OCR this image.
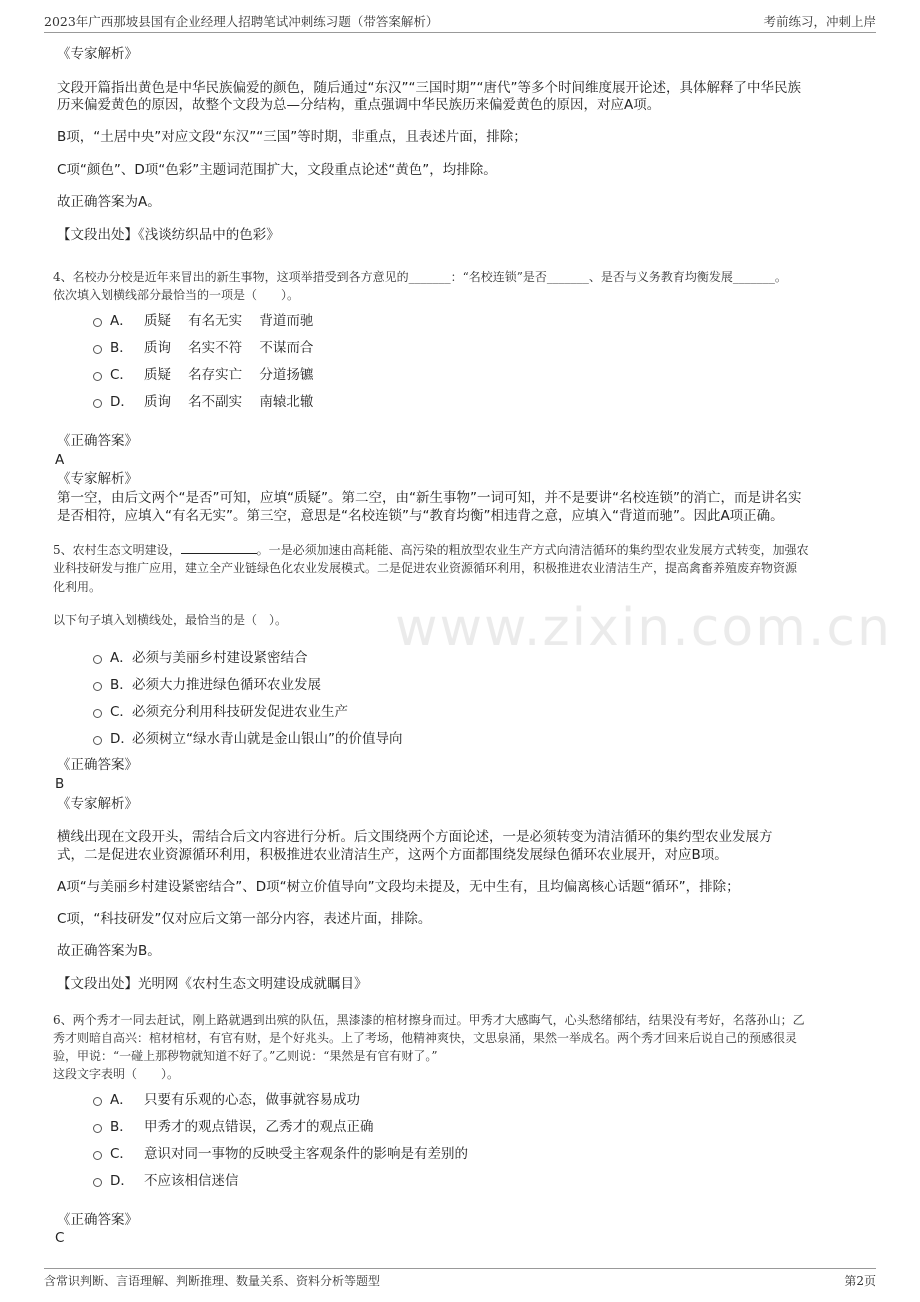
2023年广西那坡县国有企业经理人招聘笔试冲刺练习题（带答案解析）	考前练习，冲刺上岸
www.zixin.com.cn
《专家解析》
文段开篇指出黄色是中华民族偏爱的颜色，随后通过“东汉”“三国时期”“唐代”等多个时间维度展开论述，具体解释了中华民族
历来偏爱黄色的原因，故整个文段为总—分结构，重点强调中华民族历来偏爱黄色的原因，对应A项。
B项，“土居中央”对应文段“东汉”“三国”等时期，非重点，且表述片面，排除；
C项“颜色”、D项“色彩”主题词范围扩大，文段重点论述“黄色”，均排除。
故正确答案为A。
【文段出处】《浅谈纺织品中的色彩》
4、名校办分校是近年来冒出的新生事物，这项举措受到各方意见的_______：“名校连锁”是否_______、是否与义务教育均衡发展_______。
依次填入划横线部分最恰当的一项是（　　）。
A． 质疑    有名无实    背道而驰
B． 质询    名实不符    不谋而合
C． 质疑    名存实亡    分道扬镳
D． 质询    名不副实    南辕北辙
《正确答案》
A
《专家解析》
第一空，由后文两个“是否”可知，应填“质疑”。第二空，由“新生事物”一词可知，并不是要讲“名校连锁”的消亡，而是讲名实
是否相符，应填入“有名无实”。第三空，意思是“名校连锁”与“教育均衡”相违背之意，应填入“背道而驰”。因此A项正确。
5、农村生态文明建设，	。一是必须加速由高耗能、高污染的粗放型农业生产方式向清洁循环的集约型农业发展方式转变，加强农
业科技研发与推广应用，建立全产业链绿色化农业发展模式。二是促进农业资源循环利用，积极推进农业清洁生产，提高禽畜养殖废弃物资源
化利用。
以下句子填入划横线处，最恰当的是（　）。
A． 必须与美丽乡村建设紧密结合
B． 必须大力推进绿色循环农业发展
C． 必须充分利用科技研发促进农业生产
D．
必须树立“绿水青山就是金山银山”的价值导向
《正确答案》
B
《专家解析》
横线出现在文段开头，需结合后文内容进行分析。后文围绕两个方面论述，一是必须转变为清洁循环的集约型农业发展方
式，二是促进农业资源循环利用，积极推进农业清洁生产，这两个方面都围绕发展绿色循环农业展开，对应B项。
A项“与美丽乡村建设紧密结合”、D项“树立价值导向”文段均未提及，无中生有，且均偏离核心话题“循环”，排除；
C项，“科技研发”仅对应后文第一部分内容，表述片面，排除。
故正确答案为B。
【文段出处】光明网《农村生态文明建设成就瞩目》
6、两个秀才一同去赶试，刚上路就遇到出殡的队伍，黑漆漆的棺材擦身而过。甲秀才大感晦气，心头愁绪郁结，结果没有考好，名落孙山；乙
秀才则暗自高兴：棺材棺材，有官有财，是个好兆头。上了考场，他精神爽快，文思泉涌，果然一举成名。两个秀才回来后说自己的预感很灵
验，甲说：“一碰上那秽物就知道不好了。”乙则说：“果然是有官有财了。”
这段文字表明（　　）。
A． 只要有乐观的心态，做事就容易成功
B． 甲秀才的观点错误，乙秀才的观点正确
C． 意识对同一事物的反映受主客观条件的影响是有差别的
D． 不应该相信迷信
《正确答案》
C
含常识判断、言语理解、判断推理、数量关系、资料分析等题型	第2页
